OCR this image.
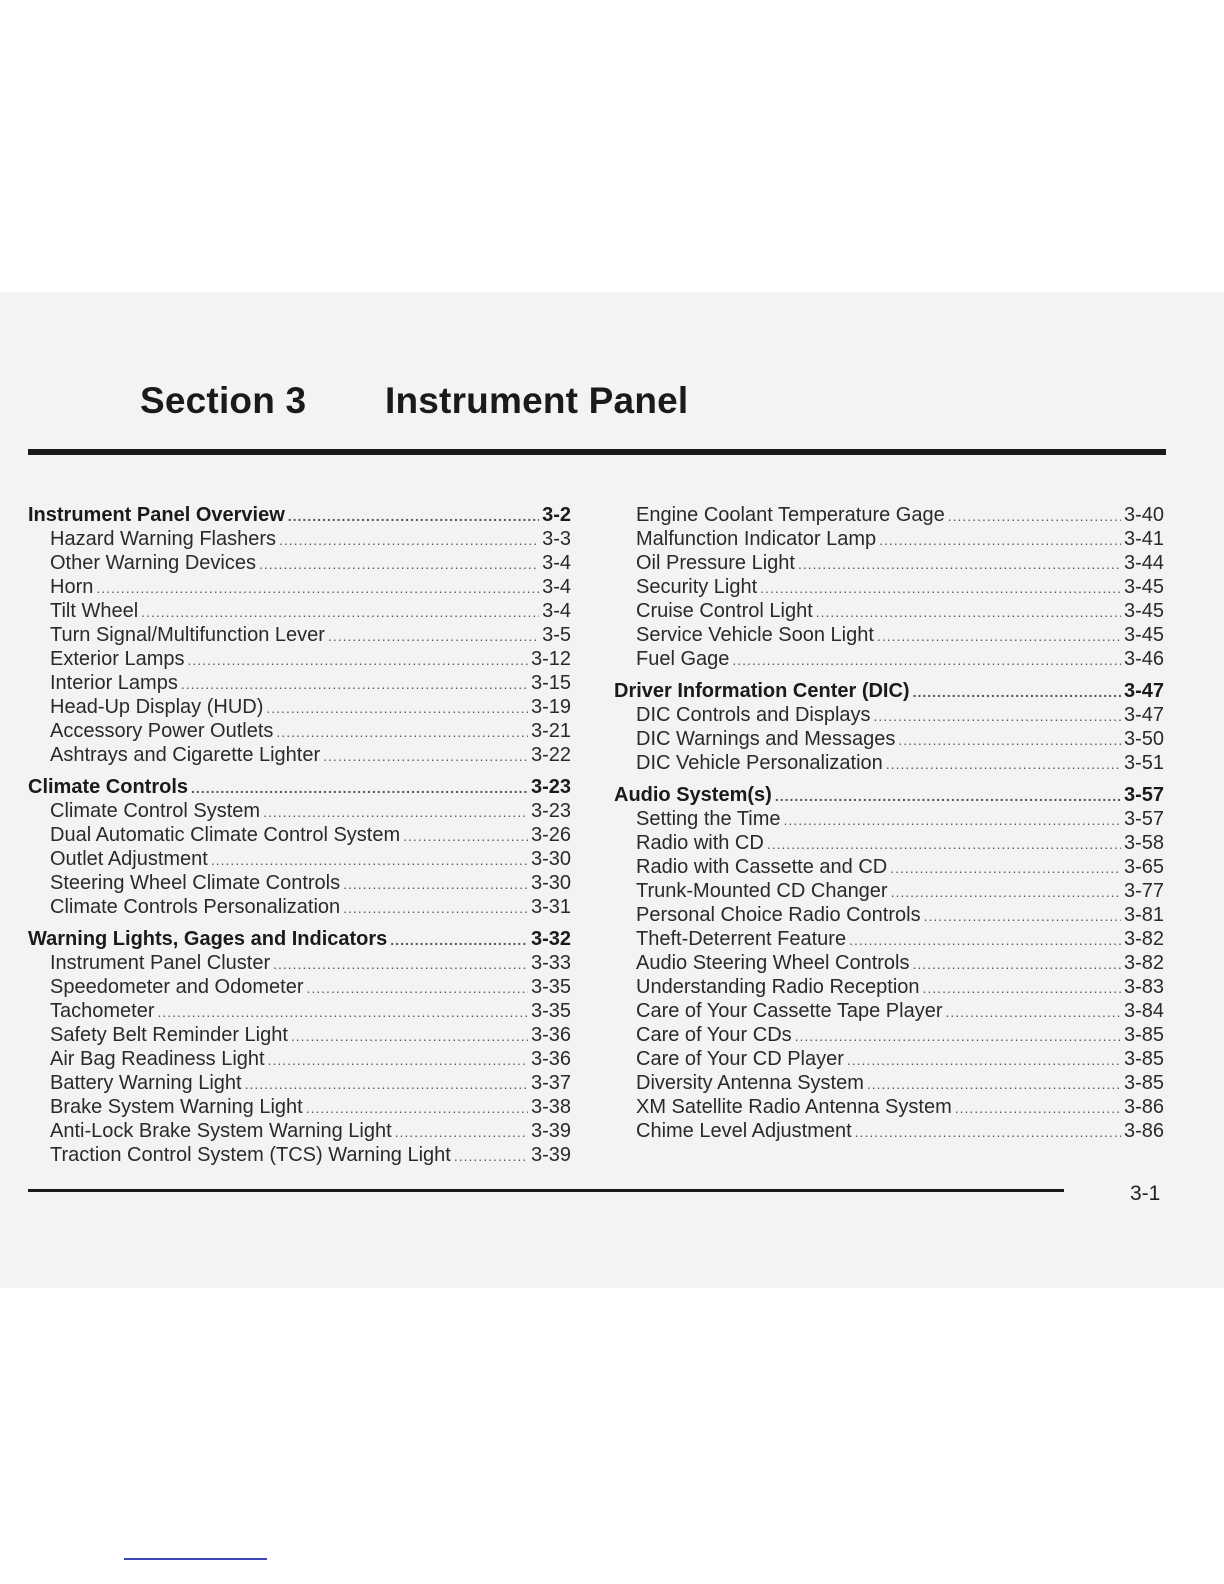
Section 3	Instrument Panel
Instrument Panel Overview .....	3-2
Hazard Warning Flashers .....	3-3
Other Warning Devices .....	3-4
Horn .....	3-4
Tilt Wheel .....	3-4
Turn Signal/Multifunction Lever .....	3-5
Exterior Lamps .....	3-12
Interior Lamps .....	3-15
Head-Up Display (HUD) .....	3-19
Accessory Power Outlets .....	3-21
Ashtrays and Cigarette Lighter .....	3-22
Climate Controls .....	3-23
Climate Control System .....	3-23
Dual Automatic Climate Control System .....	3-26
Outlet Adjustment .....	3-30
Steering Wheel Climate Controls .....	3-30
Climate Controls Personalization .....	3-31
Warning Lights, Gages and Indicators .....	3-32
Instrument Panel Cluster .....	3-33
Speedometer and Odometer .....	3-35
Tachometer .....	3-35
Safety Belt Reminder Light .....	3-36
Air Bag Readiness Light .....	3-36
Battery Warning Light .....	3-37
Brake System Warning Light .....	3-38
Anti-Lock Brake System Warning Light .....	3-39
Traction Control System (TCS) Warning Light .....	3-39
Engine Coolant Temperature Gage .....	3-40
Malfunction Indicator Lamp .....	3-41
Oil Pressure Light .....	3-44
Security Light .....	3-45
Cruise Control Light .....	3-45
Service Vehicle Soon Light .....	3-45
Fuel Gage .....	3-46
Driver Information Center (DIC) .....	3-47
DIC Controls and Displays .....	3-47
DIC Warnings and Messages .....	3-50
DIC Vehicle Personalization .....	3-51
Audio System(s) .....	3-57
Setting the Time .....	3-57
Radio with CD .....	3-58
Radio with Cassette and CD .....	3-65
Trunk-Mounted CD Changer .....	3-77
Personal Choice Radio Controls .....	3-81
Theft-Deterrent Feature .....	3-82
Audio Steering Wheel Controls .....	3-82
Understanding Radio Reception .....	3-83
Care of Your Cassette Tape Player .....	3-84
Care of Your CDs .....	3-85
Care of Your CD Player .....	3-85
Diversity Antenna System .....	3-85
XM Satellite Radio Antenna System .....	3-86
Chime Level Adjustment .....	3-86
3-1
